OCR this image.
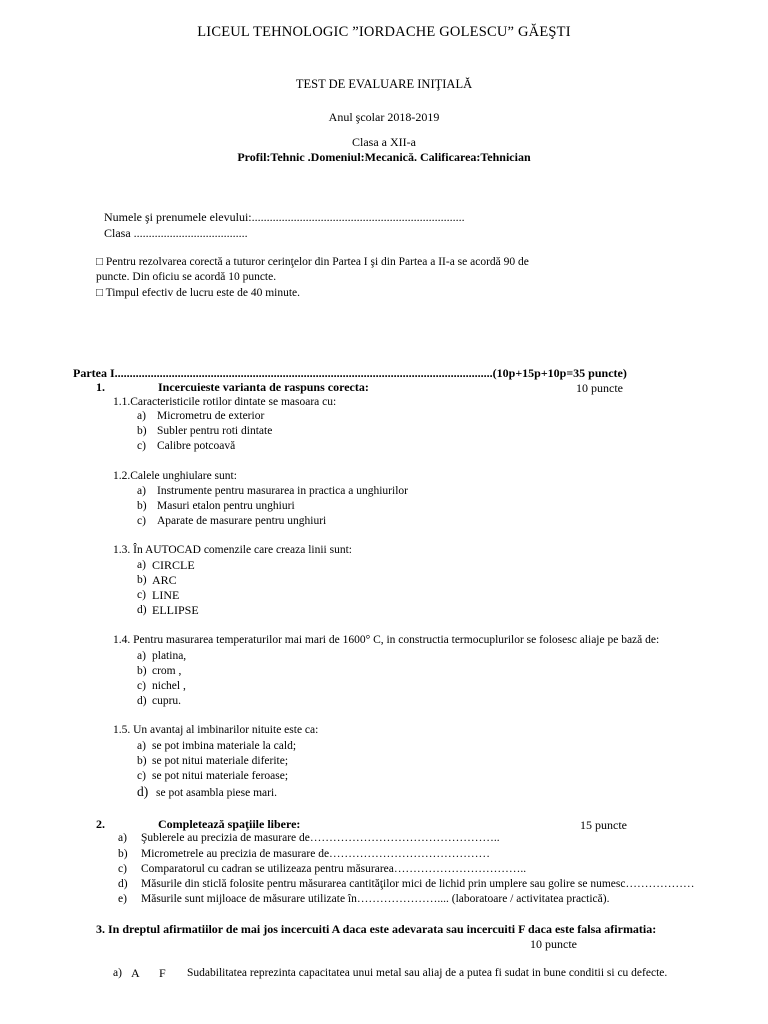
LICEUL TEHNOLOGIC ”IORDACHE GOLESCU” GĂEŞTI
TEST DE EVALUARE INIŢIALĂ
Anul şcolar 2018-2019
Clasa a XII-a
Profil:Tehnic .Domeniul:Mecanică. Calificarea:Tehnician
Numele şi prenumele elevului:.......................................................................
Clasa ......................................
□ Pentru rezolvarea corectă a tuturor cerinţelor din Partea I şi din Partea a II-a se acordă 90 de
puncte. Din oficiu se acordă 10 puncte.
□ Timpul efectiv de lucru este de 40 minute.
Partea I..............................................................................................................................(10p+15p+10p=35 puncte)
1.	Incercuieste varianta de raspuns corecta:	10 puncte
1.1.Caracteristicile rotilor dintate se masoara cu:
a) Micrometru de exterior
b) Subler pentru roti dintate
c) Calibre potcoavă
1.2.Calele unghiulare sunt:
a) Instrumente pentru masurarea in practica a unghiurilor
b) Masuri etalon pentru unghiuri
c) Aparate de masurare pentru unghiuri
1.3. În AUTOCAD comenzile care creaza linii sunt:
a) CIRCLE
b) ARC
c) LINE
d) ELLIPSE
1.4. Pentru masurarea temperaturilor mai mari de 1600° C, in constructia termocuplurilor se folosesc aliaje pe bază de:
a) platina,
b) crom ,
c) nichel ,
d) cupru.
1.5. Un avantaj al imbinarilor nituite este ca:
a) se pot imbina materiale la cald;
b) se pot nitui materiale diferite;
c) se pot nitui materiale feroase;
d) se pot asambla piese mari.
2.	Completează spaţiile libere:	15 puncte
a) Şublerele au precizia de masurare de…………………………………………..
b) Micrometrele au precizia de masurare de……………………………………
c) Comparatorul cu cadran se utilizeaza pentru măsurarea……………………………..
d) Măsurile din sticlă folosite pentru măsurarea cantităţilor mici de lichid prin umplere sau golire se numesc………………
e) Măsurile sunt mijloace de măsurare utilizate în………………….... (laboratoare / activitatea practică).
3. In dreptul afirmatiilor de mai jos incercuiti A daca este adevarata sau incercuiti F daca este falsa afirmatia:
10 puncte
a) A F Sudabilitatea reprezinta capacitatea unui metal sau aliaj de a putea fi sudat in bune conditii si cu defecte.
